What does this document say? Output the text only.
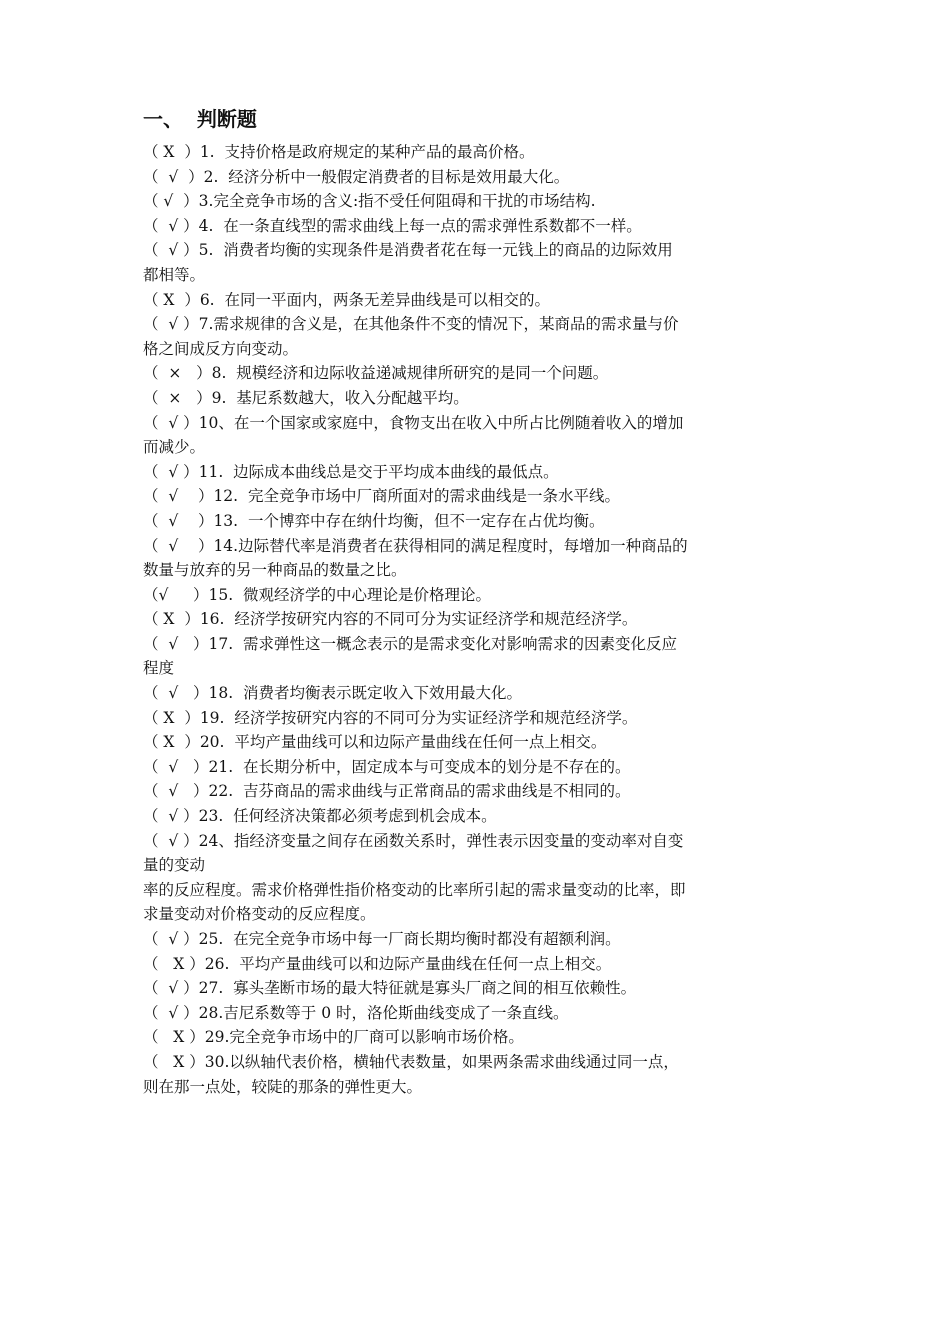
一、  判断题
（ X  ）1.  支持价格是政府规定的某种产品的最高价格。
（  √  ）2.  经济分析中一般假定消费者的目标是效用最大化。
（ √  ）3.完全竞争市场的含义:指不受任何阻碍和干扰的市场结构.
（  √ ）4.  在一条直线型的需求曲线上每一点的需求弹性系数都不一样。
（  √ ）5.  消费者均衡的实现条件是消费者花在每一元钱上的商品的边际效用
都相等。
（ X  ）6.  在同一平面内，两条无差异曲线是可以相交的。
（  √ ）7.需求规律的含义是，在其他条件不变的情况下，某商品的需求量与价
格之间成反方向变动。
（  ×   ）8.  规模经济和边际收益递减规律所研究的是同一个问题。
（  ×   ）9.  基尼系数越大，收入分配越平均。
（  √ ）10、在一个国家或家庭中，食物支出在收入中所占比例随着收入的增加
而减少。
（  √ ）11.  边际成本曲线总是交于平均成本曲线的最低点。
（  √    ）12.  完全竞争市场中厂商所面对的需求曲线是一条水平线。
（  √    ）13.  一个博弈中存在纳什均衡，但不一定存在占优均衡。
（  √    ）14.边际替代率是消费者在获得相同的满足程度时，每增加一种商品的
数量与放弃的另一种商品的数量之比。
（√     ）15.  微观经济学的中心理论是价格理论。
（ X  ）16.  经济学按研究内容的不同可分为实证经济学和规范经济学。
（  √   ）17.  需求弹性这一概念表示的是需求变化对影响需求的因素变化反应
程度
（  √   ）18.  消费者均衡表示既定收入下效用最大化。
（ X  ）19.  经济学按研究内容的不同可分为实证经济学和规范经济学。
（ X  ）20.  平均产量曲线可以和边际产量曲线在任何一点上相交。
（  √   ）21.  在长期分析中，固定成本与可变成本的划分是不存在的。
（  √   ）22.  吉芬商品的需求曲线与正常商品的需求曲线是不相同的。
（  √ ）23.  任何经济决策都必须考虑到机会成本。
（  √ ）24、指经济变量之间存在函数关系时，弹性表示因变量的变动率对自变
量的变动
率的反应程度。需求价格弹性指价格变动的比率所引起的需求量变动的比率，即
求量变动对价格变动的反应程度。
（  √ ）25.  在完全竞争市场中每一厂商长期均衡时都没有超额利润。
（   X ）26.  平均产量曲线可以和边际产量曲线在任何一点上相交。
（  √ ）27.  寡头垄断市场的最大特征就是寡头厂商之间的相互依赖性。
（  √ ）28.吉尼系数等于 0 时，洛伦斯曲线变成了一条直线。
（   X ）29.完全竞争市场中的厂商可以影响市场价格。
（   X ）30.以纵轴代表价格，横轴代表数量，如果两条需求曲线通过同一点，
则在那一点处，较陡的那条的弹性更大。
